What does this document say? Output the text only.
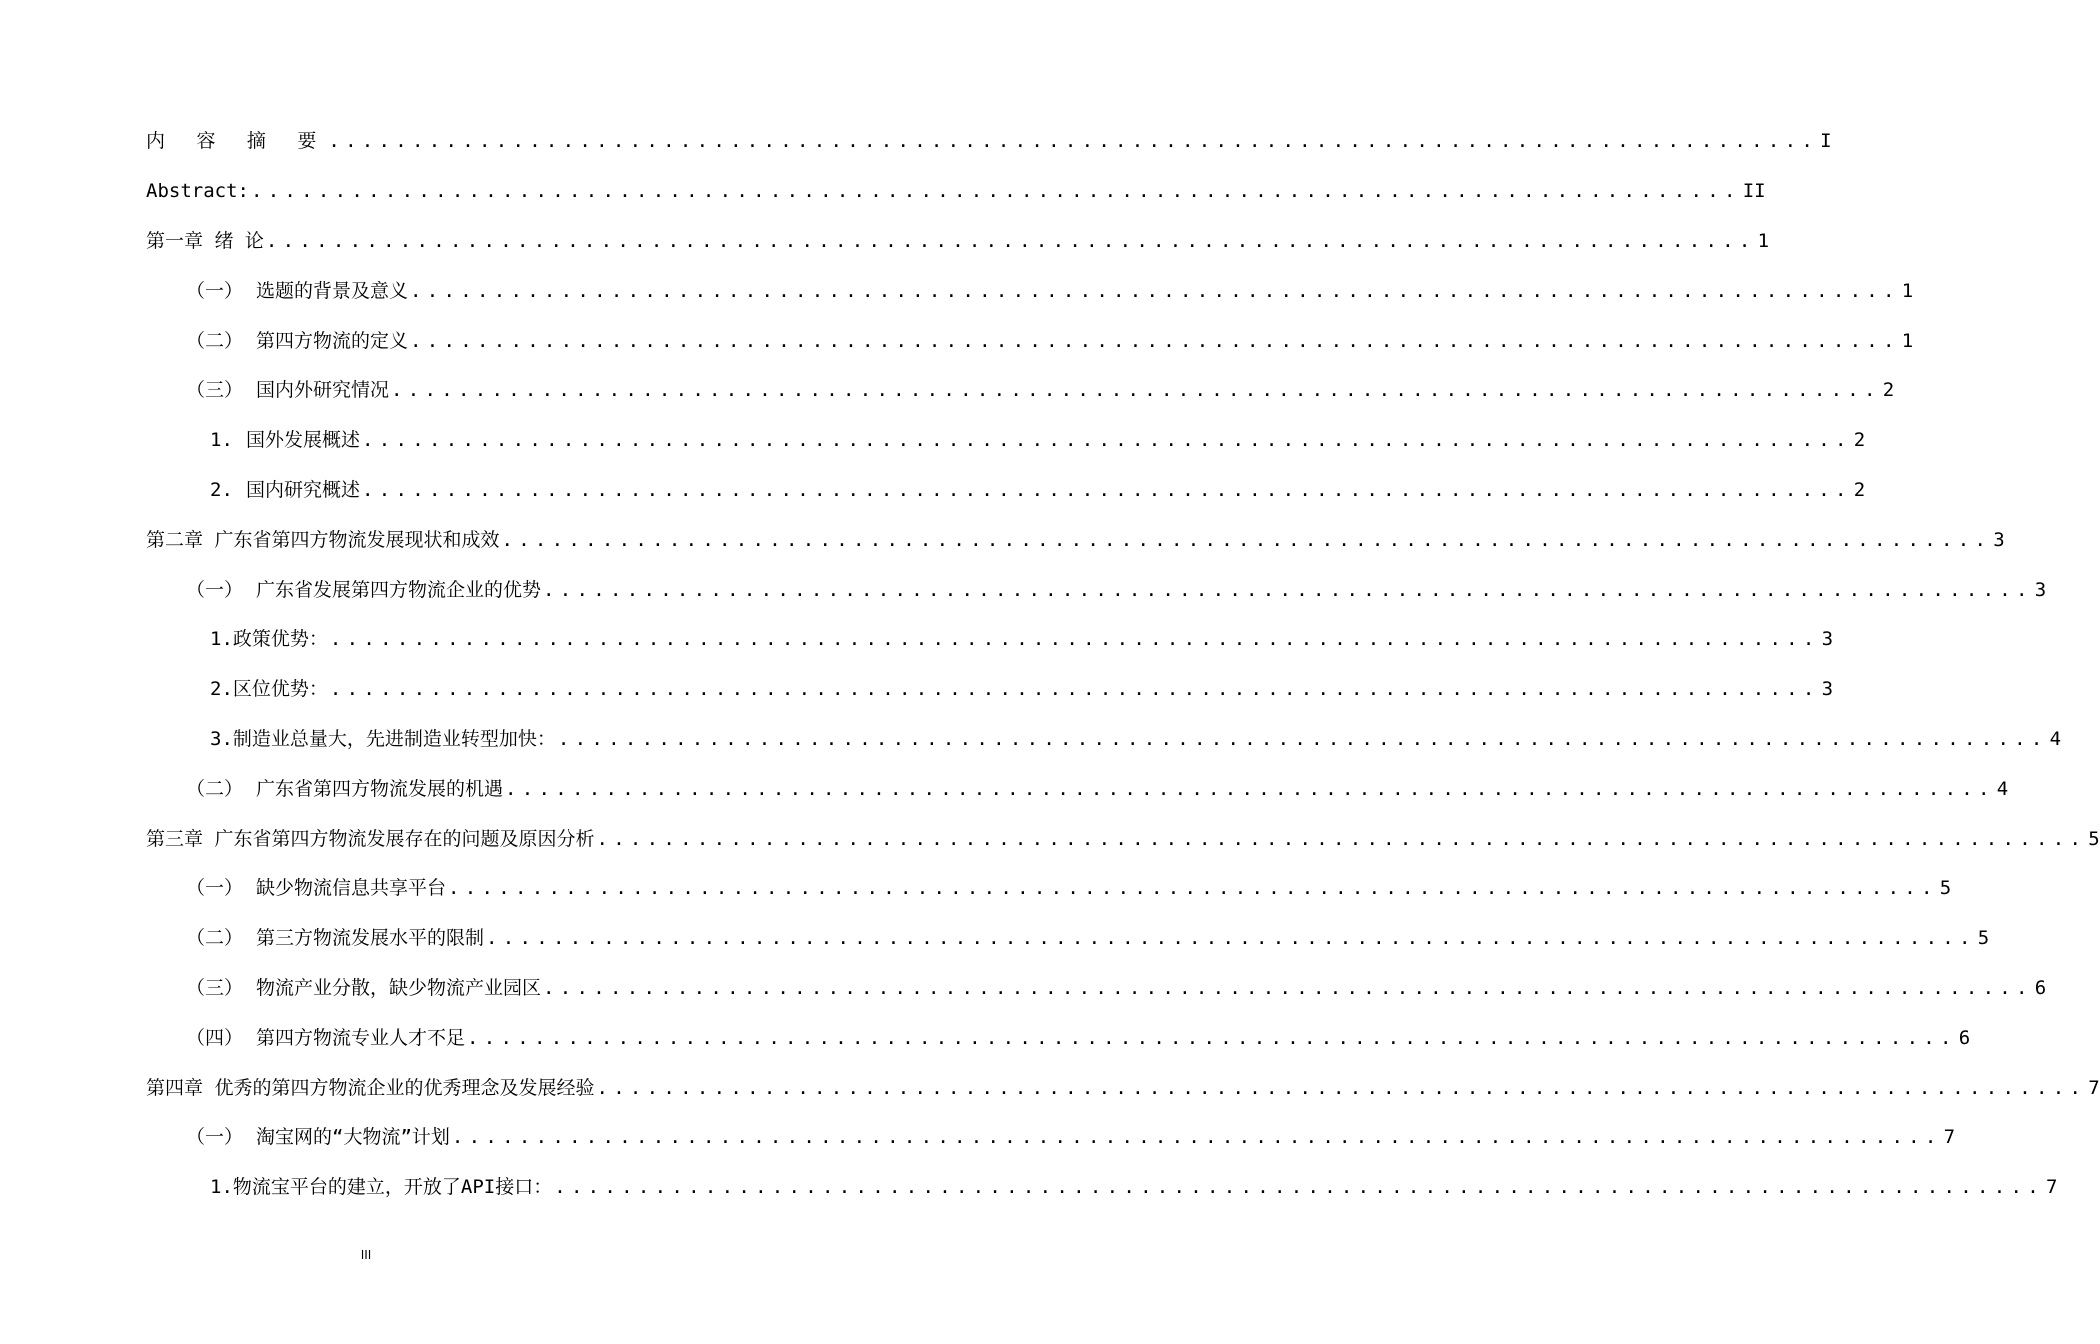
内 容 摘 要 ......................................................................................... I
Abstract: ......................................................................................... II
第一章 绪 论 ......................................................................................... 1
（一） 选题的背景及意义 ......................................................................................... 1
（二） 第四方物流的定义 ......................................................................................... 1
（三） 国内外研究情况 ......................................................................................... 2
1. 国外发展概述 ......................................................................................... 2
2. 国内研究概述 ......................................................................................... 2
第二章 广东省第四方物流发展现状和成效 ......................................................................................... 3
（一） 广东省发展第四方物流企业的优势 ......................................................................................... 3
1.政策优势： ......................................................................................... 3
2.区位优势： ......................................................................................... 3
3.制造业总量大，先进制造业转型加快： ......................................................................................... 4
（二） 广东省第四方物流发展的机遇 ......................................................................................... 4
第三章 广东省第四方物流发展存在的问题及原因分析 ......................................................................................... 5
（一） 缺少物流信息共享平台 ......................................................................................... 5
（二） 第三方物流发展水平的限制 ......................................................................................... 5
（三） 物流产业分散，缺少物流产业园区 ......................................................................................... 6
（四） 第四方物流专业人才不足 ......................................................................................... 6
第四章 优秀的第四方物流企业的优秀理念及发展经验 ......................................................................................... 7
（一） 淘宝网的“大物流”计划 ......................................................................................... 7
1.物流宝平台的建立，开放了API接口： ......................................................................................... 7
III
